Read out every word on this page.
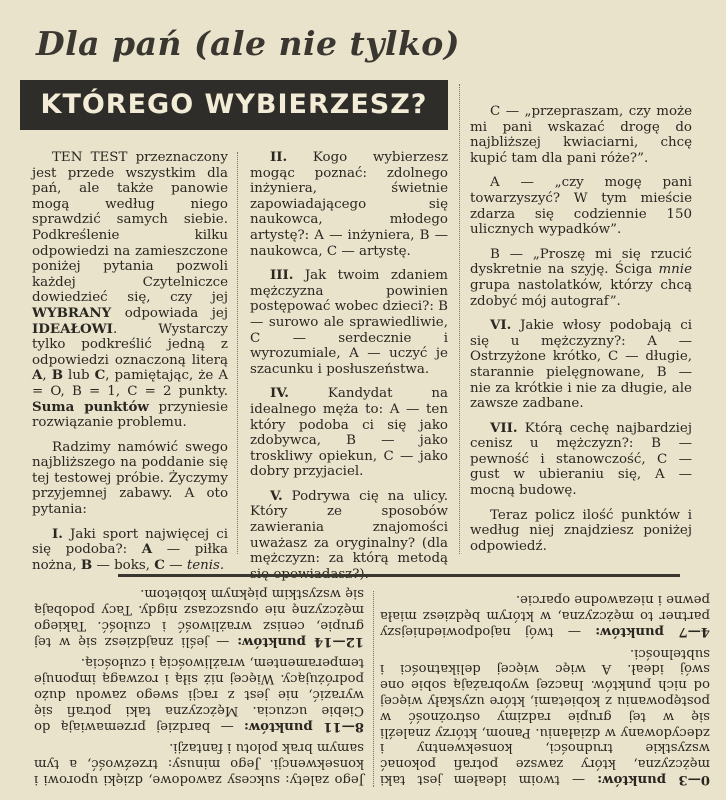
Dla pań (ale nie tylko)
KTÓREGO WYBIERZESZ?

TEN TEST przeznaczony jest przede wszystkim dla pań, ale także panowie mogą według niego sprawdzić samych siebie. Podkreślenie kilku odpowiedzi na zamieszczone poniżej pytania pozwoli każdej Czytelniczce dowiedzieć się, czy jej WYBRANY odpowiada jej IDEAŁOWI. Wystarczy tylko podkreślić jedną z odpowiedzi oznaczoną literą A, B lub C, pamiętając, że A = O, B = 1, C = 2 punkty. Suma punktów przyniesie rozwiązanie problemu.

Radzimy namówić swego najbliższego na poddanie się tej testowej próbie. Życzymy przyjemnej zabawy. A oto pytania:

I. Jaki sport najwięcej ci się podoba?: A — piłka nożna, B — boks, C — tenis.

II. Kogo wybierzesz mogąc poznać: zdolnego inżyniera, świetnie zapowiadającego się naukowca, młodego artystę?: A — inżyniera, B — naukowca, C — artystę.

III. Jak twoim zdaniem mężczyzna powinien postępować wobec dzieci?: B — surowo ale sprawiedliwie, C — serdecznie i wyrozumiale, A — uczyć je szacunku i posłuszeństwa.

IV. Kandydat na idealnego męża to: A — ten który podoba ci się jako zdobywca, B — jako troskliwy opiekun, C — jako dobry przyjaciel.

V. Podrywa cię na ulicy. Który ze sposobów zawierania znajomości uważasz za oryginalny? (dla mężczyzn: za którą metodą

C — „przepraszam, czy może mi pani wskazać drogę do najbliższej kwiaciarni, chcę kupić tam dla pani róże?”.

A — „czy mogę pani towarzyszyć? W tym mieście zdarza się codziennie 150 ulicznych wypadków”.

B — „Proszę mi się rzucić dyskretnie na szyję. Ściga mnie grupa nastolatków, którzy chcą zdobyć mój autograf”.

VI. Jakie włosy podobają ci się u mężczyzny?: A — Ostrzyżone krótko, C — długie, starannie pielęgnowane, B — nie za krótkie i nie za długie, ale zawsze zadbane.

VII. Którą cechę najbardziej cenisz u mężczyzn?: B — pewność i stanowczość, C — gust w ubieraniu się, A — mocną budowę.

Teraz policz ilość punktów i według niej znajdziesz poniżej odpowiedź.

0—3 punktów: — twoim ideałem jest taki mężczyzna, który zawsze potrafi pokonać wszystkie trudności, konsekwentny i zdecydowany w działaniu. Panom, którzy znaleźli się w tej grupie radzimy ostrożność w postępowaniu z kobietami, które uzyskały więcej od nich punktów. Inaczej wyobrażają sobie one swój ideał. A więc więcej delikatności i subtelności.

4—7 punktów: — twój najodpowiedniejszy partner to mężczyzna, w którym będziesz miała pewne i niezawodne oparcie.

Jego zalety: sukcesy zawodowe, dzięki uporowi i konsekwencji. Jego minusy: trzeźwość, a tym samym brak polotu i fantazji.

8—11 punktów: — bardziej przemawiają do Ciebie uczucia. Mężczyzna taki potrafi się wyrazić, nie jest z racji swego zawodu dużo podróżujący. Więcej niż siłą i rozwagą imponuje temperamentem, wrażliwością i czułością.

12—14 punktów: — jeśli znajdziesz się w tej grupie, cenisz wrażliwość i czułość. Takiego mężczyznę nie opuszczasz nigdy. Tacy podobają się wszystkim pięknym kobietom.
